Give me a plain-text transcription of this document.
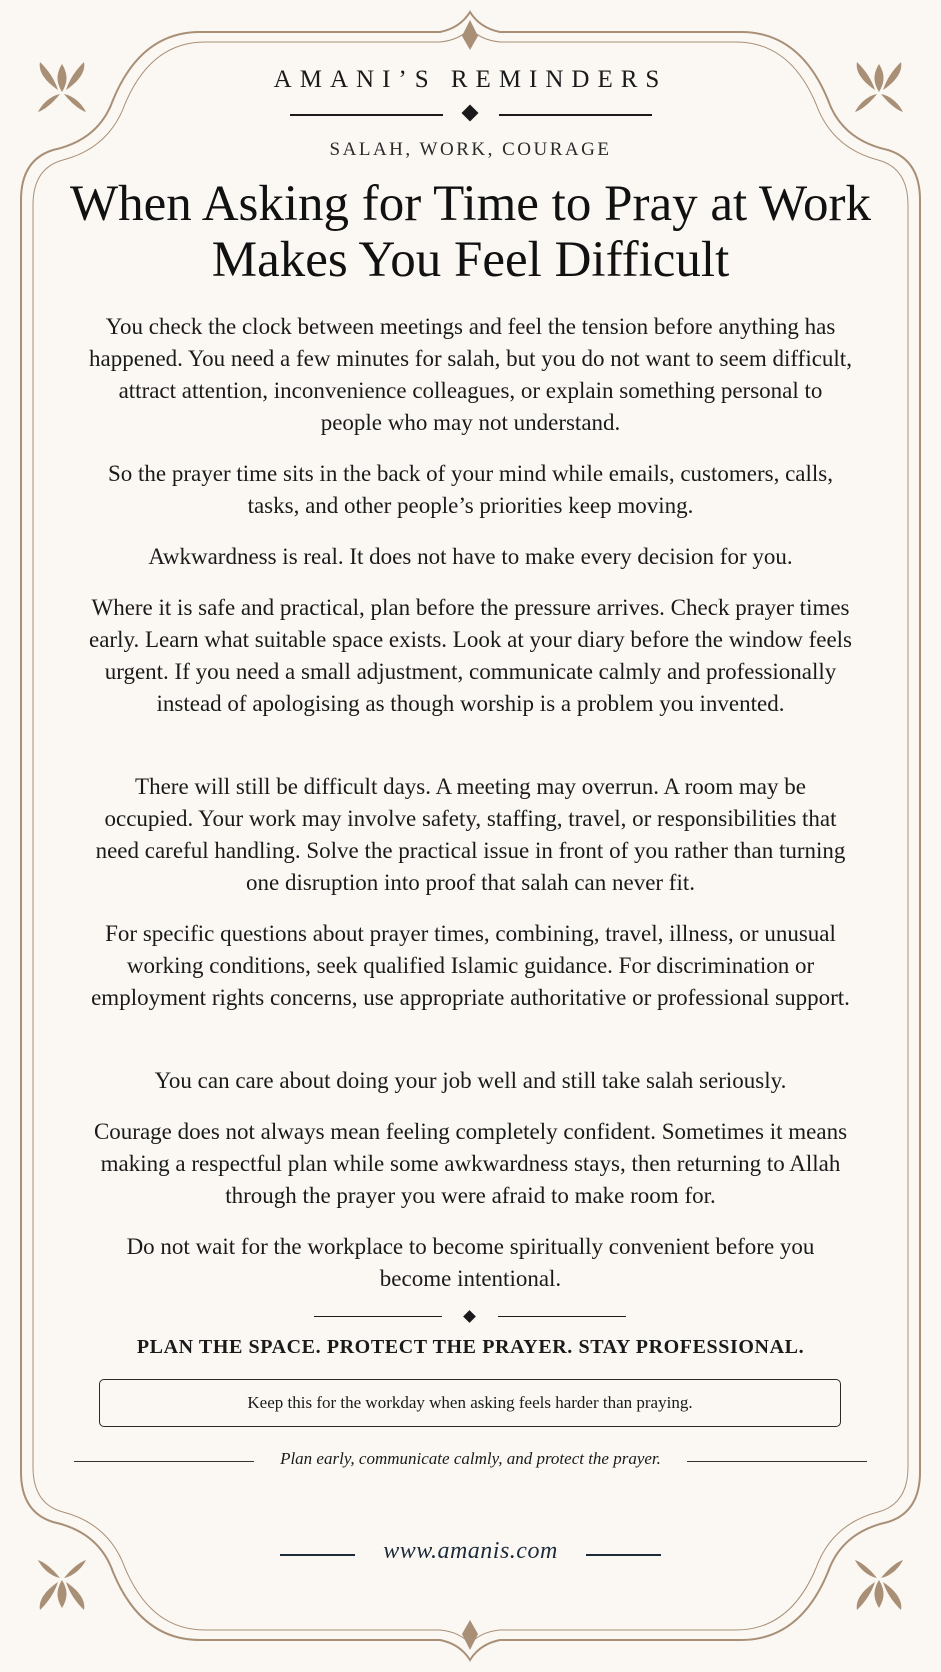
AMANI’S REMINDERS
SALAH, WORK, COURAGE
When Asking for Time to Pray at Work Makes You Feel Difficult

You check the clock between meetings and feel the tension before anything has happened. You need a few minutes for salah, but you do not want to seem difficult, attract attention, inconvenience colleagues, or explain something personal to people who may not understand.

So the prayer time sits in the back of your mind while emails, customers, calls, tasks, and other people’s priorities keep moving.

Awkwardness is real. It does not have to make every decision for you.

Where it is safe and practical, plan before the pressure arrives. Check prayer times early. Learn what suitable space exists. Look at your diary before the window feels urgent. If you need a small adjustment, communicate calmly and professionally instead of apologising as though worship is a problem you invented.

There will still be difficult days. A meeting may overrun. A room may be occupied. Your work may involve safety, staffing, travel, or responsibilities that need careful handling. Solve the practical issue in front of you rather than turning one disruption into proof that salah can never fit.

For specific questions about prayer times, combining, travel, illness, or unusual working conditions, seek qualified Islamic guidance. For discrimination or employment rights concerns, use appropriate authoritative or professional support.

You can care about doing your job well and still take salah seriously.

Courage does not always mean feeling completely confident. Sometimes it means making a respectful plan while some awkwardness stays, then returning to Allah through the prayer you were afraid to make room for.

Do not wait for the workplace to become spiritually convenient before you become intentional.

PLAN THE SPACE. PROTECT THE PRAYER. STAY PROFESSIONAL.
Keep this for the workday when asking feels harder than praying.
Plan early, communicate calmly, and protect the prayer.
www.amanis.com
